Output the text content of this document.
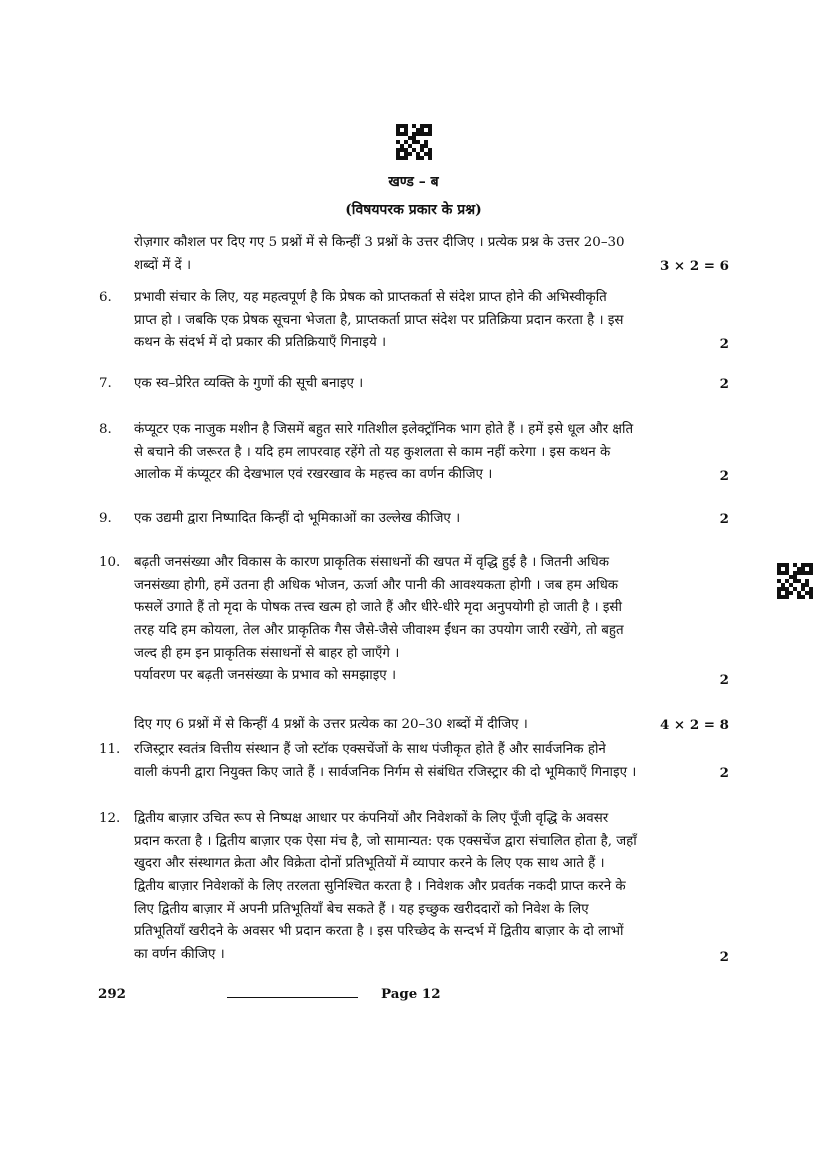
खण्ड – ब
(विषयपरक प्रकार के प्रश्न)
रोज़गार कौशल पर दिए गए 5 प्रश्नों में से किन्हीं 3 प्रश्नों के उत्तर दीजिए । प्रत्येक प्रश्न के उत्तर 20–30
शब्दों में दें ।	3 × 2 = 6
6. प्रभावी संचार के लिए, यह महत्वपूर्ण है कि प्रेषक को प्राप्तकर्ता से संदेश प्राप्त होने की अभिस्वीकृति
प्राप्त हो । जबकि एक प्रेषक सूचना भेजता है, प्राप्तकर्ता प्राप्त संदेश पर प्रतिक्रिया प्रदान करता है । इस
कथन के संदर्भ में दो प्रकार की प्रतिक्रियाएँ गिनाइये ।	2
7. एक स्व–प्रेरित व्यक्ति के गुणों की सूची बनाइए ।	2
8. कंप्यूटर एक नाजुक मशीन है जिसमें बहुत सारे गतिशील इलेक्ट्रॉनिक भाग होते हैं । हमें इसे धूल और क्षति
से बचाने की जरूरत है । यदि हम लापरवाह रहेंगे तो यह कुशलता से काम नहीं करेगा । इस कथन के
आलोक में कंप्यूटर की देखभाल एवं रखरखाव के महत्त्व का वर्णन कीजिए ।	2
9. एक उद्यमी द्वारा निष्पादित किन्हीं दो भूमिकाओं का उल्लेख कीजिए ।	2
10. बढ़ती जनसंख्या और विकास के कारण प्राकृतिक संसाधनों की खपत में वृद्धि हुई है । जितनी अधिक
जनसंख्या होगी, हमें उतना ही अधिक भोजन, ऊर्जा और पानी की आवश्यकता होगी । जब हम अधिक
फसलें उगाते हैं तो मृदा के पोषक तत्त्व खत्म हो जाते हैं और धीरे-धीरे मृदा अनुपयोगी हो जाती है । इसी
तरह यदि हम कोयला, तेल और प्राकृतिक गैस जैसे-जैसे जीवाश्म ईंधन का उपयोग जारी रखेंगे, तो बहुत
जल्द ही हम इन प्राकृतिक संसाधनों से बाहर हो जाएँगे ।
पर्यावरण पर बढ़ती जनसंख्या के प्रभाव को समझाइए ।	2
दिए गए 6 प्रश्नों में से किन्हीं 4 प्रश्नों के उत्तर प्रत्येक का 20–30 शब्दों में दीजिए ।	4 × 2 = 8
11. रजिस्ट्रार स्वतंत्र वित्तीय संस्थान हैं जो स्टॉक एक्सचेंजों के साथ पंजीकृत होते हैं और सार्वजनिक होने
वाली कंपनी द्वारा नियुक्त किए जाते हैं । सार्वजनिक निर्गम से संबंधित रजिस्ट्रार की दो भूमिकाएँ गिनाइए ।	2
12. द्वितीय बाज़ार उचित रूप से निष्पक्ष आधार पर कंपनियों और निवेशकों के लिए पूँजी वृद्धि के अवसर
प्रदान करता है । द्वितीय बाज़ार एक ऐसा मंच है, जो सामान्यत: एक एक्सचेंज द्वारा संचालित होता है, जहाँ
खुदरा और संस्थागत क्रेता और विक्रेता दोनों प्रतिभूतियों में व्यापार करने के लिए एक साथ आते हैं ।
द्वितीय बाज़ार निवेशकों के लिए तरलता सुनिश्चित करता है । निवेशक और प्रवर्तक नकदी प्राप्त करने के
लिए द्वितीय बाज़ार में अपनी प्रतिभूतियाँ बेच सकते हैं । यह इच्छुक खरीददारों को निवेश के लिए
प्रतिभूतियाँ खरीदने के अवसर भी प्रदान करता है । इस परिच्छेद के सन्दर्भ में द्वितीय बाज़ार के दो लाभों
का वर्णन कीजिए ।	2
292	Page 12
